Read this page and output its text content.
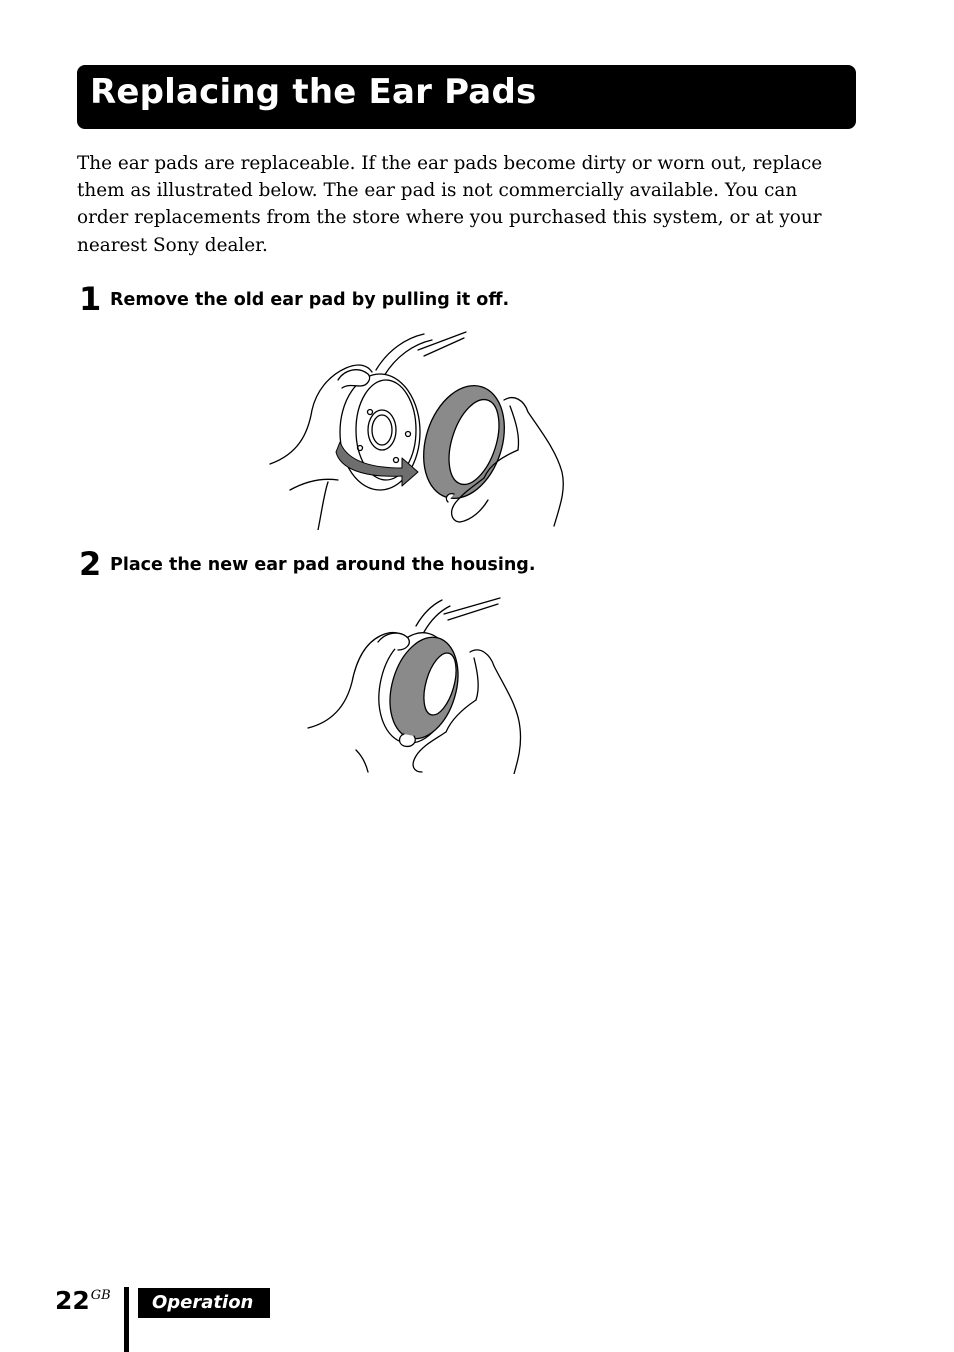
Replacing the Ear Pads

The ear pads are replaceable. If the ear pads become dirty or worn out, replace them as illustrated below. The ear pad is not commercially available. You can order replacements from the store where you purchased this system, or at your nearest Sony dealer.

1 Remove the old ear pad by pulling it off.
2 Place the new ear pad around the housing.
22$^{GB}$ Operation
